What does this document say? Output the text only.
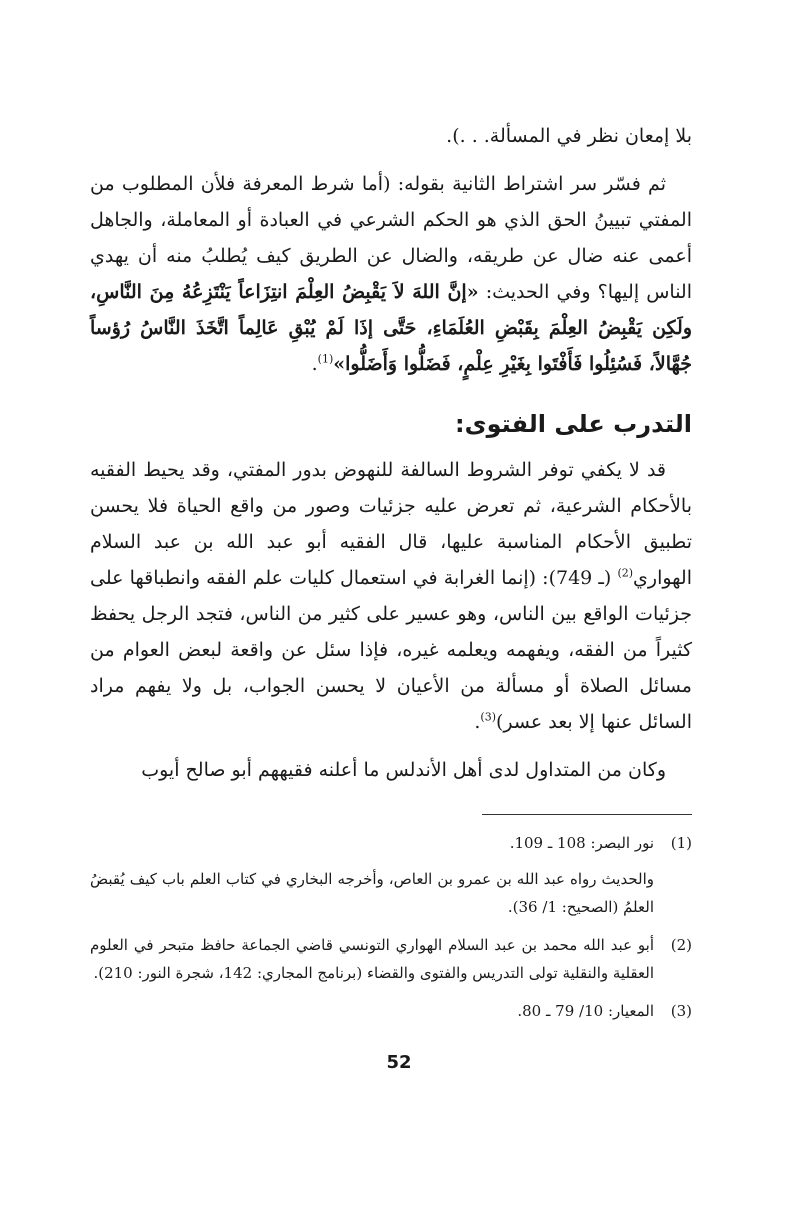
بلا إمعان نظر في المسألة. . .).

ثم فسّر سر اشتراط الثانية بقوله: (أما شرط المعرفة فلأن المطلوب من المفتي تبيينُ الحق الذي هو الحكم الشرعي في العبادة أو المعاملة، والجاهل أعمى عنه ضال عن طريقه، والضال عن الطريق كيف يُطلبُ منه أن يهدي الناس إليها؟ وفي الحديث: «إنَّ اللهَ لاَ يَقْبِضُ العِلْمَ انتِزَاعاً يَنْتَزِعُهُ مِنَ النَّاسِ، ولَكِن يَقْبِضُ العِلْمَ بِقَبْضِ العُلَمَاءِ، حَتَّى إذَا لَمْ يُبْقِ عَالِماً اتَّخَذَ النَّاسُ رُؤساً جُهَّالاً، فَسُئِلُوا فَأَفْتَوا بِغَيْرِ عِلْمٍ، فَضَلُّوا وَأَضَلُّوا»$^{(1)}$.

التدرب على الفتوى:

قد لا يكفي توفر الشروط السالفة للنهوض بدور المفتي، وقد يحيط الفقيه بالأحكام الشرعية، ثم تعرض عليه جزئيات وصور من واقع الحياة فلا يحسن تطبيق الأحكام المناسبة عليها، قال الفقيه أبو عبد الله بن عبد السلام الهواري$^{(2)}$ (ـ 749): (إنما الغرابة في استعمال كليات علم الفقه وانطباقها على جزئيات الواقع بين الناس، وهو عسير على كثير من الناس، فتجد الرجل يحفظ كثيراً من الفقه، ويفهمه ويعلمه غيره، فإذا سئل عن واقعة لبعض العوام من مسائل الصلاة أو مسألة من الأعيان لا يحسن الجواب، بل ولا يفهم مراد السائل عنها إلا بعد عسر)$^{(3)}$.

وكان من المتداول لدى أهل الأندلس ما أعلنه فقيههم أبو صالح أيوب

(1)
نور البصر: 108 ـ 109.
والحديث رواه عبد الله بن عمرو بن العاص، وأخرجه البخاري في كتاب العلم باب كيف يُقبضُ العلمُ (الصحيح: 1/ 36).
(2)
أبو عبد الله محمد بن عبد السلام الهواري التونسي قاضي الجماعة حافظ متبحر في العلوم العقلية والنقلية تولى التدريس والفتوى والقضاء (برنامج المجاري: 142، شجرة النور: 210).
(3)
المعيار: 10/ 79 ـ 80.
52
